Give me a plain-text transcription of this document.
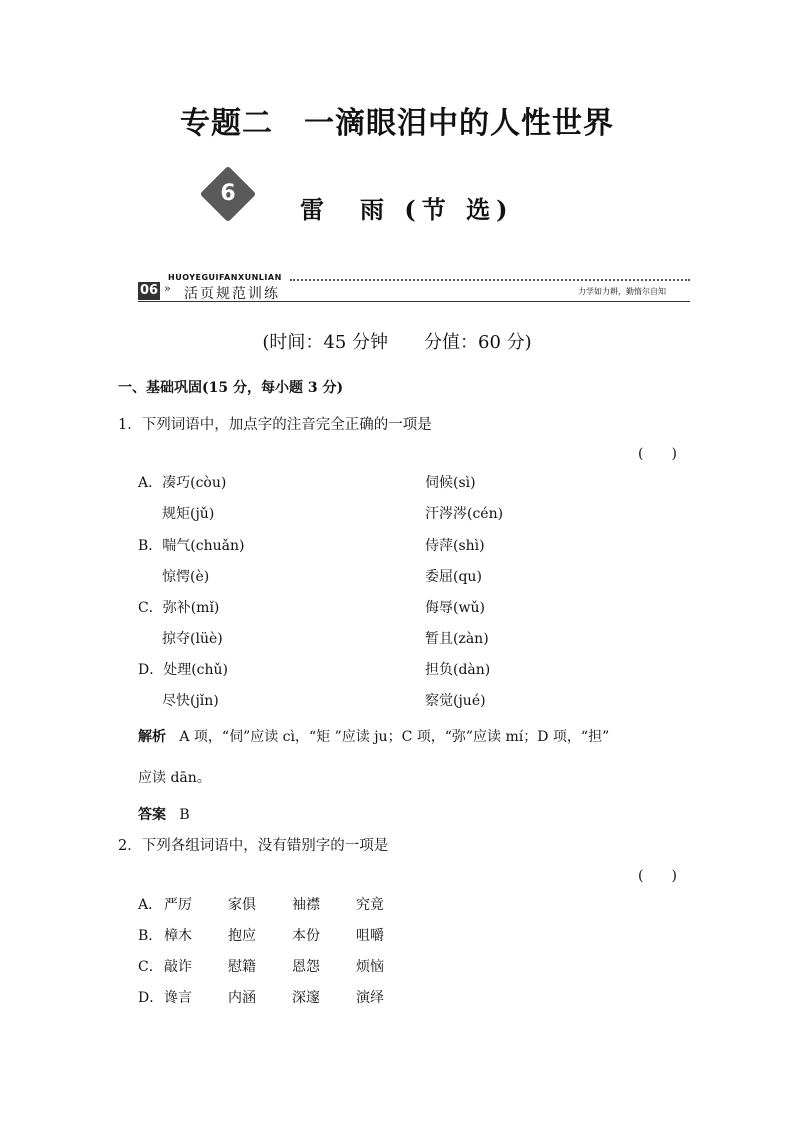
专题二　一滴眼泪中的人性世界
6
雷　雨 (节 选)
HUOYEGUIFANXUNLIAN
06 » 活页规范训练	力学如力耕，勤惰尔自知
(时间：45 分钟　　分值：60 分)
一、基础巩固(15 分，每小题 3 分)
1．下列词语中，加点字的注音完全正确的一项是
(　　)
A．凑巧(còu)	伺候(sì)
规矩(jǔ)	汗涔涔(cén)
B．喘气(chuǎn)	侍萍(shì)
惊愕(è)	委屈(qu)
C．弥补(mǐ)	侮辱(wǔ)
掠夺(lüè)	暂且(zàn)
D．处理(chǔ)	担负(dàn)
尽快(jǐn)	察觉(jué)
解析 A 项，“伺”应读 cì，“矩 ”应读 ju；C 项，“弥”应读 mí；D 项，“担”
应读 dān。
答案 B
2．下列各组词语中，没有错别字的一项是
(　　)
A． 严厉	家俱	袖襟	究竟
B． 樟木	抱应	本份	咀嚼
C． 敲诈	慰籍	恩怨	烦恼
D． 谗言	内涵	深邃	演绎
